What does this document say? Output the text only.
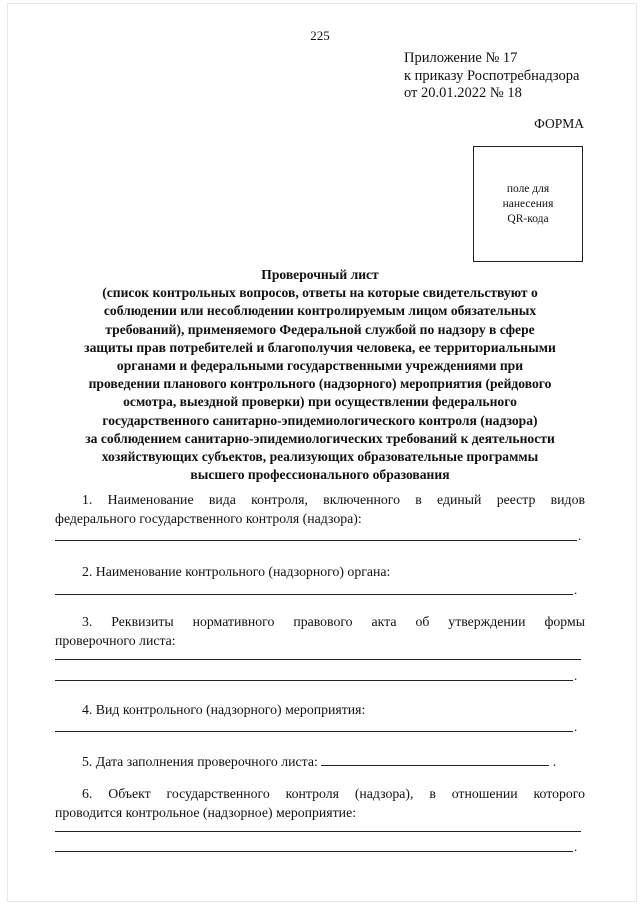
225
Приложение № 17
к приказу Роспотребнадзора
от 20.01.2022 № 18
ФОРМА
поле для
нанесения
QR-кода
Проверочный лист
(список контрольных вопросов, ответы на которые свидетельствуют о
соблюдении или несоблюдении контролируемым лицом обязательных
требований), применяемого Федеральной службой по надзору в сфере
защиты прав потребителей и благополучия человека, ее территориальными
органами и федеральными государственными учреждениями при
проведении планового контрольного (надзорного) мероприятия (рейдового
осмотра, выездной проверки) при осуществлении федерального
государственного санитарно-эпидемиологического контроля (надзора)
за соблюдением санитарно-эпидемиологических требований к деятельности
хозяйствующих субъектов, реализующих образовательные программы
высшего профессионального образования
1. Наименование вида контроля, включенного в единый реестр видов
федерального государственного контроля (надзора):
.
2. Наименование контрольного (надзорного) органа:
.
3. Реквизиты нормативного правового акта об утверждении формы
проверочного листа:
.
4. Вид контрольного (надзорного) мероприятия:
.
5. Дата заполнения проверочного листа:	.
6. Объект государственного контроля (надзора), в отношении которого
проводится контрольное (надзорное) мероприятие:
.
